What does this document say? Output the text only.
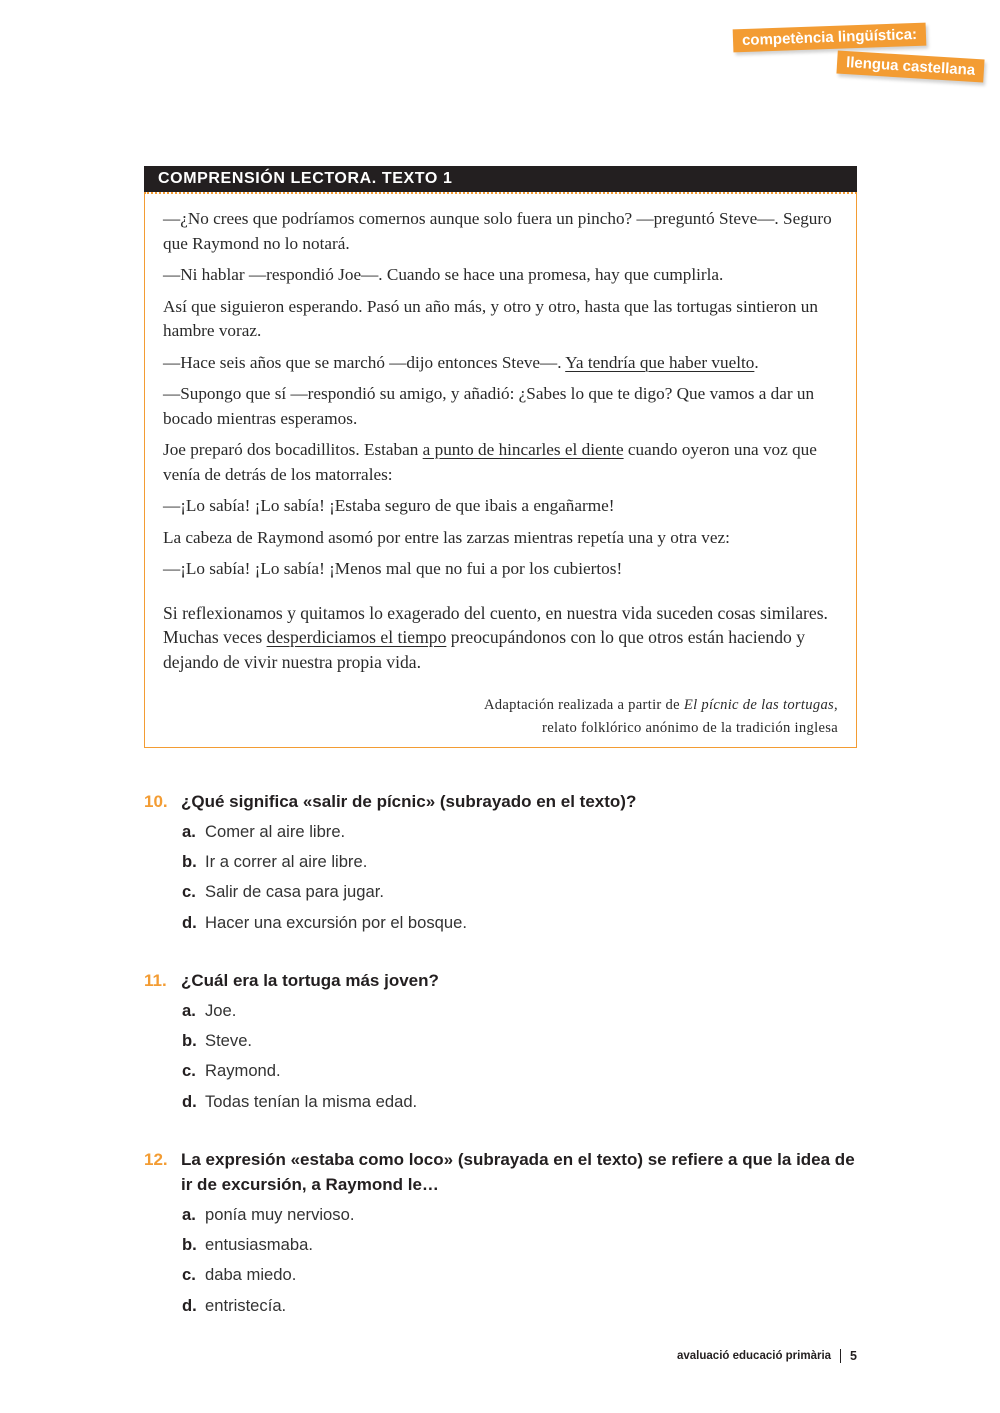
competència lingüística:
llengua castellana
COMPRENSIÓN LECTORA. TEXTO 1

—¿No crees que podríamos comernos aunque solo fuera un pincho? —preguntó Steve—. Seguro que Raymond no lo notará.

—Ni hablar —respondió Joe—. Cuando se hace una promesa, hay que cumplirla.

Así que siguieron esperando. Pasó un año más, y otro y otro, hasta que las tortugas sintieron un hambre voraz.

—Hace seis años que se marchó —dijo entonces Steve—. Ya tendría que haber vuelto.

—Supongo que sí —respondió su amigo, y añadió: ¿Sabes lo que te digo? Que vamos a dar un bocado mientras esperamos.

Joe preparó dos bocadillitos. Estaban a punto de hincarles el diente cuando oyeron una voz que venía de detrás de los matorrales:

—¡Lo sabía! ¡Lo sabía! ¡Estaba seguro de que ibais a engañarme!

La cabeza de Raymond asomó por entre las zarzas mientras repetía una y otra vez:

—¡Lo sabía! ¡Lo sabía! ¡Menos mal que no fui a por los cubiertos!

Si reflexionamos y quitamos lo exagerado del cuento, en nuestra vida suceden cosas similares. Muchas veces desperdiciamos el tiempo preocupándonos con lo que otros están haciendo y dejando de vivir nuestra propia vida.

Adaptación realizada a partir de El pícnic de las tortugas,
relato folklórico anónimo de la tradición inglesa
10. ¿Qué significa «salir de pícnic» (subrayado en el texto)?
a. Comer al aire libre.
b. Ir a correr al aire libre.
c. Salir de casa para jugar.
d. Hacer una excursión por el bosque.
11. ¿Cuál era la tortuga más joven?
a. Joe.
b. Steve.
c. Raymond.
d. Todas tenían la misma edad.
12. La expresión «estaba como loco» (subrayada en el texto) se refiere a que la idea de ir de excursión, a Raymond le…
a. ponía muy nervioso.
b. entusiasmaba.
c. daba miedo.
d. entristecía.
avaluació educació primària 5
